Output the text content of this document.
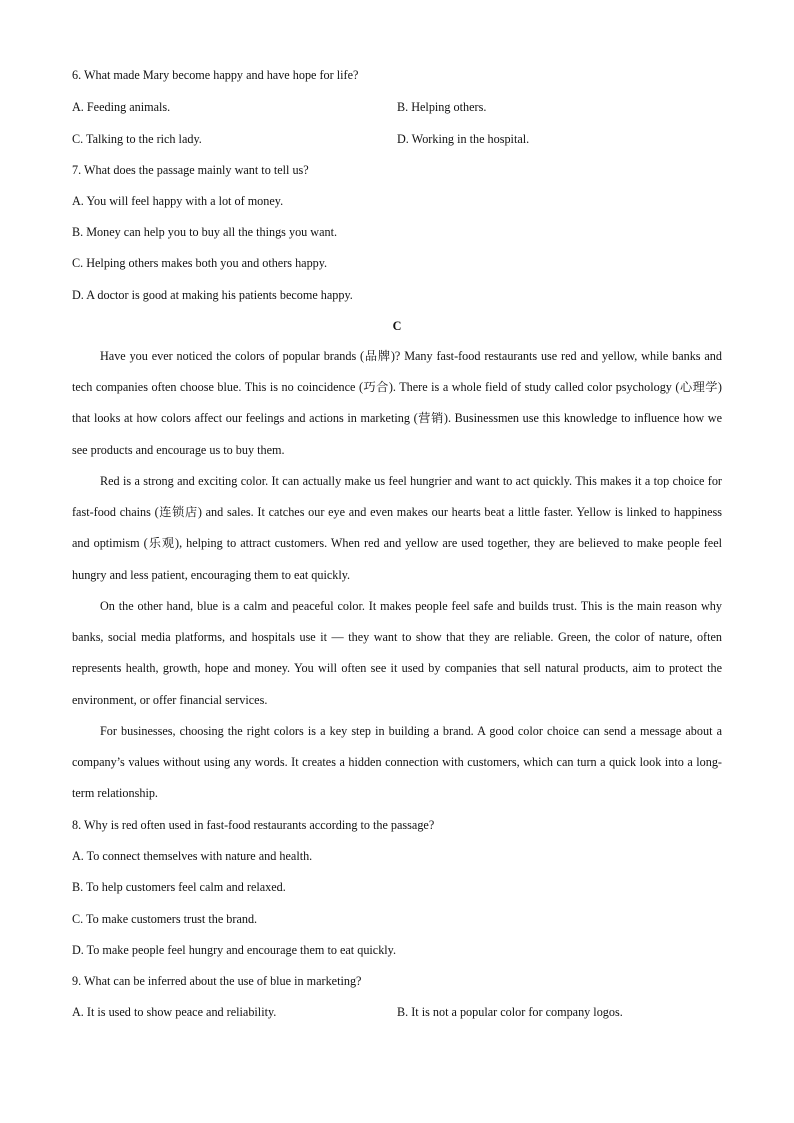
6. What made Mary become happy and have hope for life?
A. Feeding animals.	B. Helping others.
C. Talking to the rich lady.	D. Working in the hospital.
7. What does the passage mainly want to tell us?
A. You will feel happy with a lot of money.
B. Money can help you to buy all the things you want.
C. Helping others makes both you and others happy.
D. A doctor is good at making his patients become happy.
C

Have you ever noticed the colors of popular brands (品牌)? Many fast-food restaurants use red and yellow, while banks and tech companies often choose blue. This is no coincidence (巧合). There is a whole field of study called color psychology (心理学) that looks at how colors affect our feelings and actions in marketing (营销). Businessmen use this knowledge to influence how we see products and encourage us to buy them.

Red is a strong and exciting color. It can actually make us feel hungrier and want to act quickly. This makes it a top choice for fast-food chains (连锁店) and sales. It catches our eye and even makes our hearts beat a little faster. Yellow is linked to happiness and optimism (乐观), helping to attract customers. When red and yellow are used together, they are believed to make people feel hungry and less patient, encouraging them to eat quickly.

On the other hand, blue is a calm and peaceful color. It makes people feel safe and builds trust. This is the main reason why banks, social media platforms, and hospitals use it — they want to show that they are reliable. Green, the color of nature, often represents health, growth, hope and money. You will often see it used by companies that sell natural products, aim to protect the environment, or offer financial services.

For businesses, choosing the right colors is a key step in building a brand. A good color choice can send a message about a company’s values without using any words. It creates a hidden connection with customers, which can turn a quick look into a long-term relationship.

8. Why is red often used in fast-food restaurants according to the passage?
A. To connect themselves with nature and health.
B. To help customers feel calm and relaxed.
C. To make customers trust the brand.
D. To make people feel hungry and encourage them to eat quickly.
9. What can be inferred about the use of blue in marketing?
A. It is used to show peace and reliability.	B. It is not a popular color for company logos.
